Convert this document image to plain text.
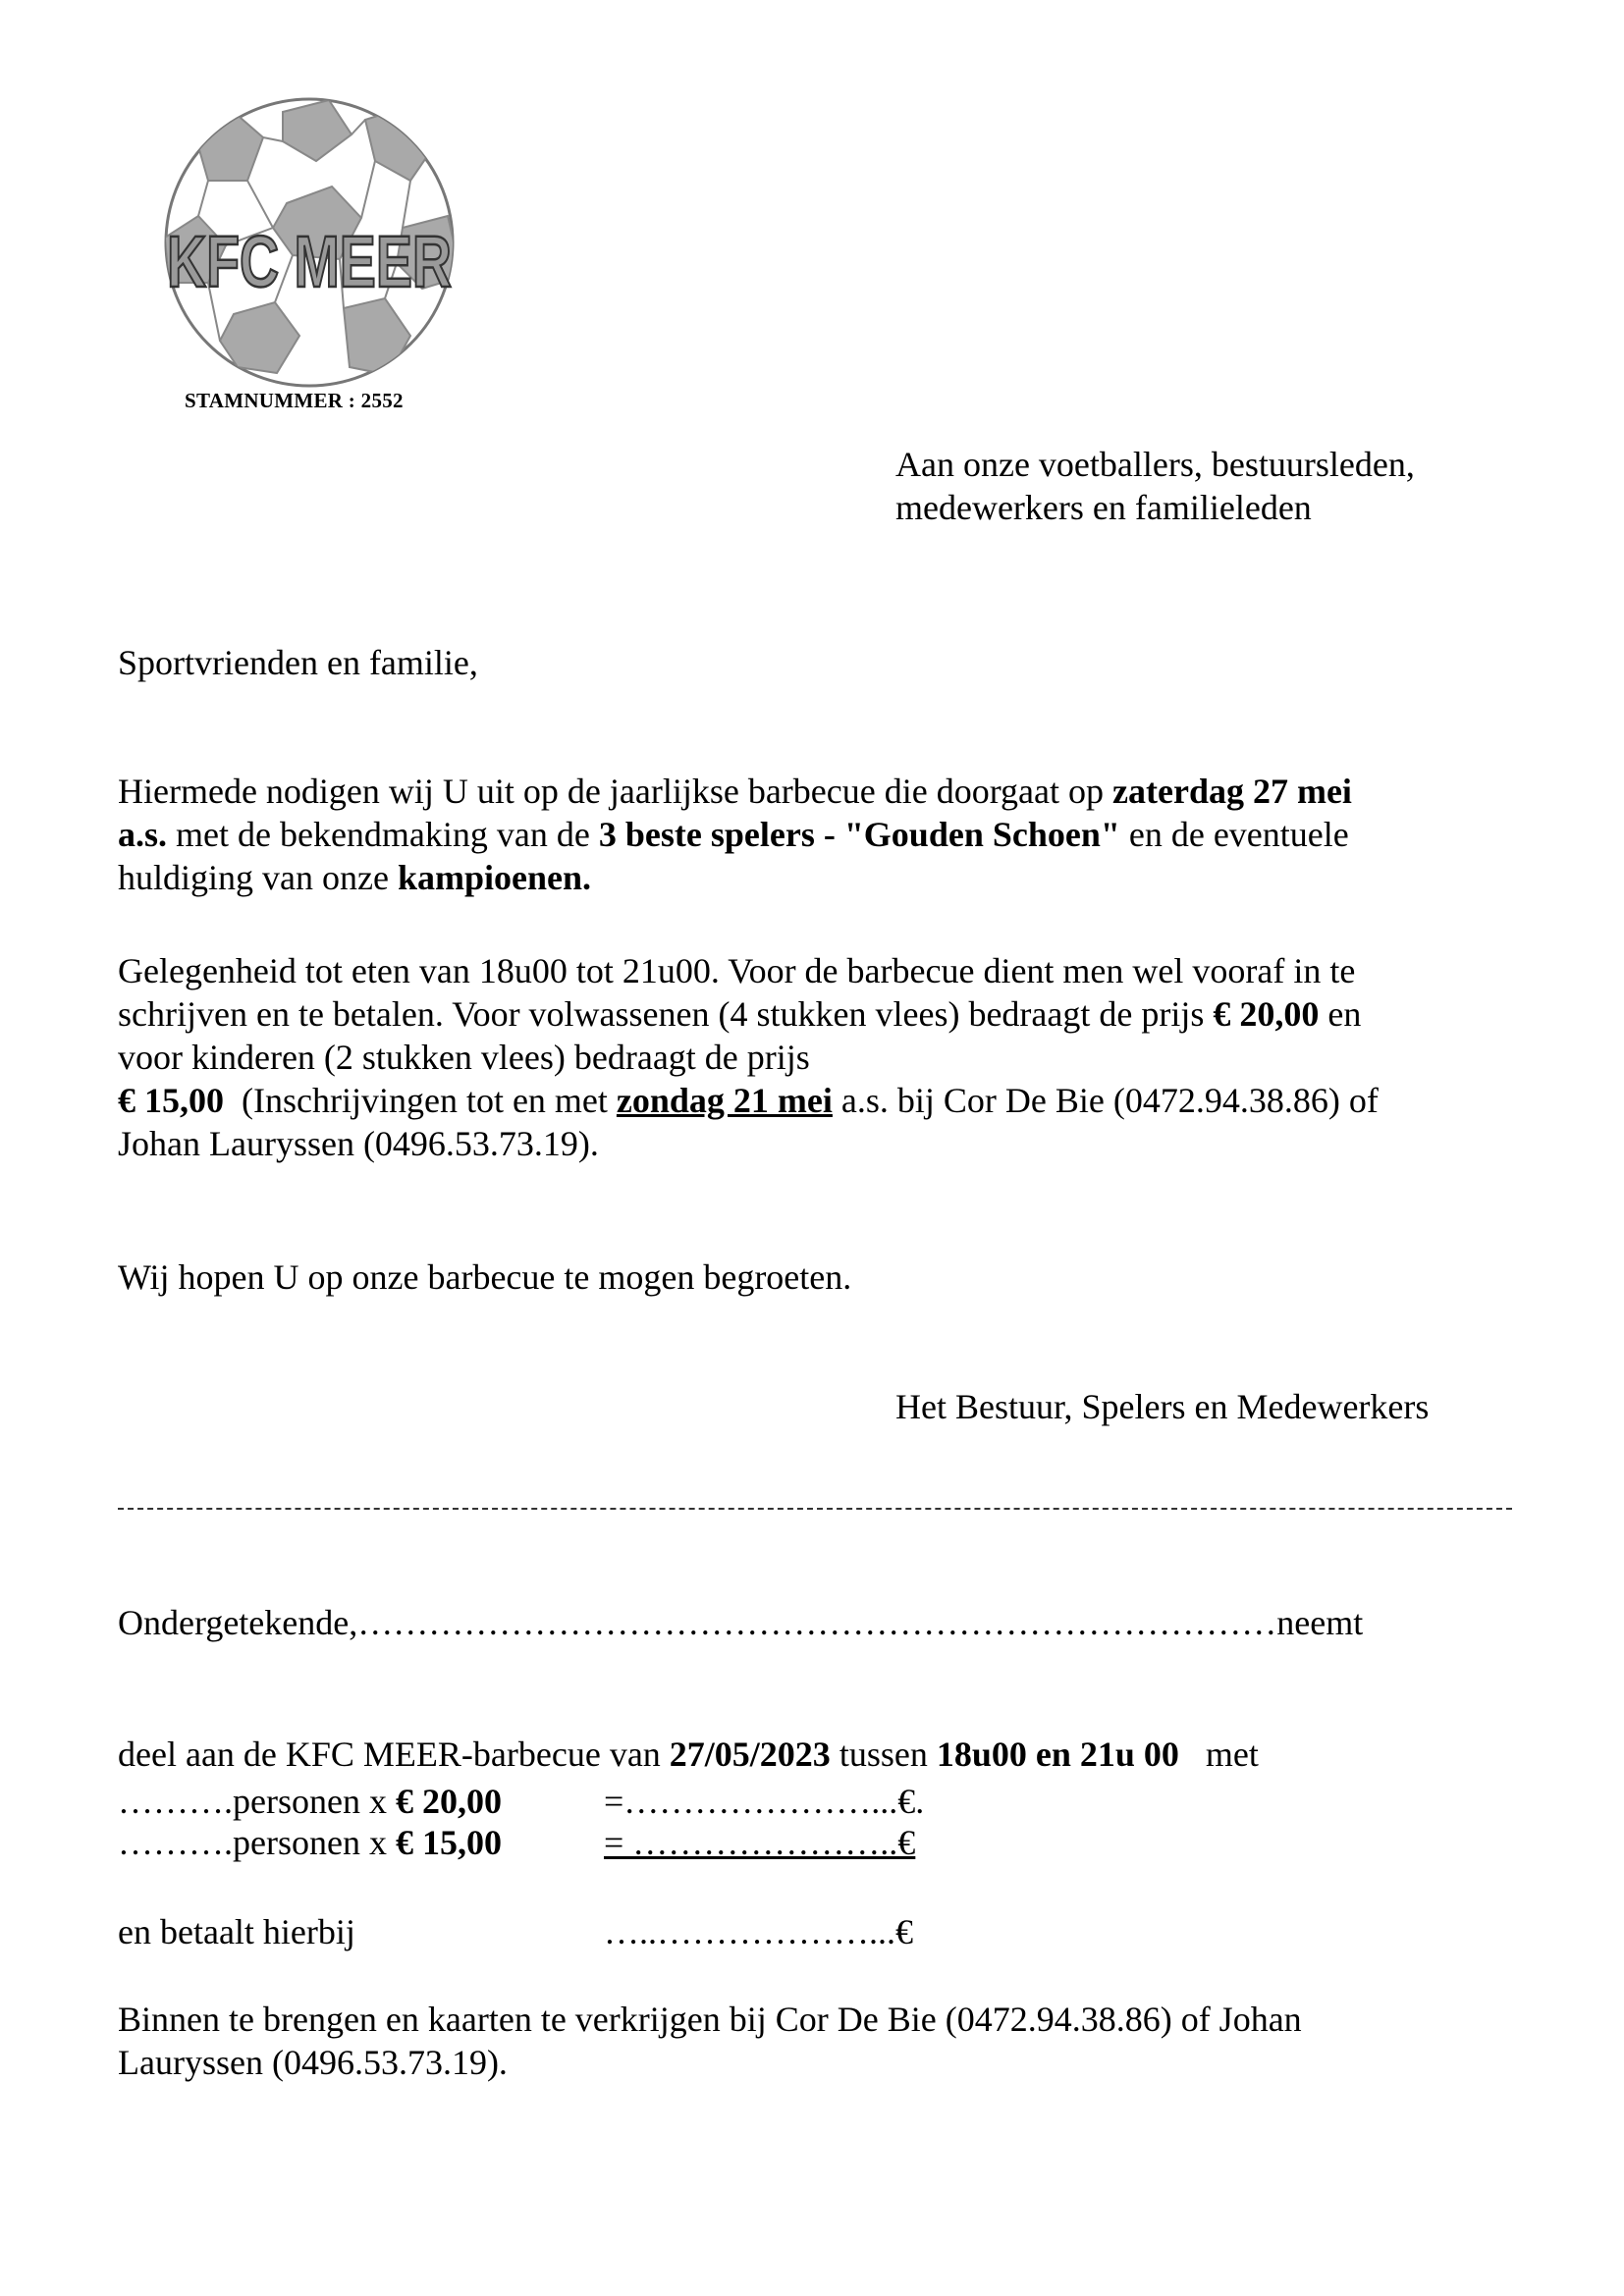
KFC MEER
STAMNUMMER : 2552
Aan onze voetballers, bestuursleden,
medewerkers en familieleden
Sportvrienden en familie,
Hiermede nodigen wij U uit op de jaarlijkse barbecue die doorgaat op zaterdag 27 mei
a.s. met de bekendmaking van de 3 beste spelers - "Gouden Schoen" en de eventuele
huldiging van onze kampioenen.
Gelegenheid tot eten van 18u00 tot 21u00. Voor de barbecue dient men wel vooraf in te
schrijven en te betalen. Voor volwassenen (4 stukken vlees) bedraagt de prijs € 20,00 en
voor kinderen (2 stukken vlees) bedraagt de prijs
€ 15,00  (Inschrijvingen tot en met zondag 21 mei a.s. bij Cor De Bie (0472.94.38.86) of
Johan Lauryssen (0496.53.73.19).
Wij hopen U op onze barbecue te mogen begroeten.
Het Bestuur, Spelers en Medewerkers
Ondergetekende,……………………………………………………………………neemt

deel aan de KFC MEER-barbecue van 27/05/2023 tussen 18u00 en 21u 00   met
……….personen x € 20,00	=…………………...€.
……….personen x € 15,00	= …………………..€
en betaalt hierbij	…..………………...€
Binnen te brengen en kaarten te verkrijgen bij Cor De Bie (0472.94.38.86) of Johan
Lauryssen (0496.53.73.19).
